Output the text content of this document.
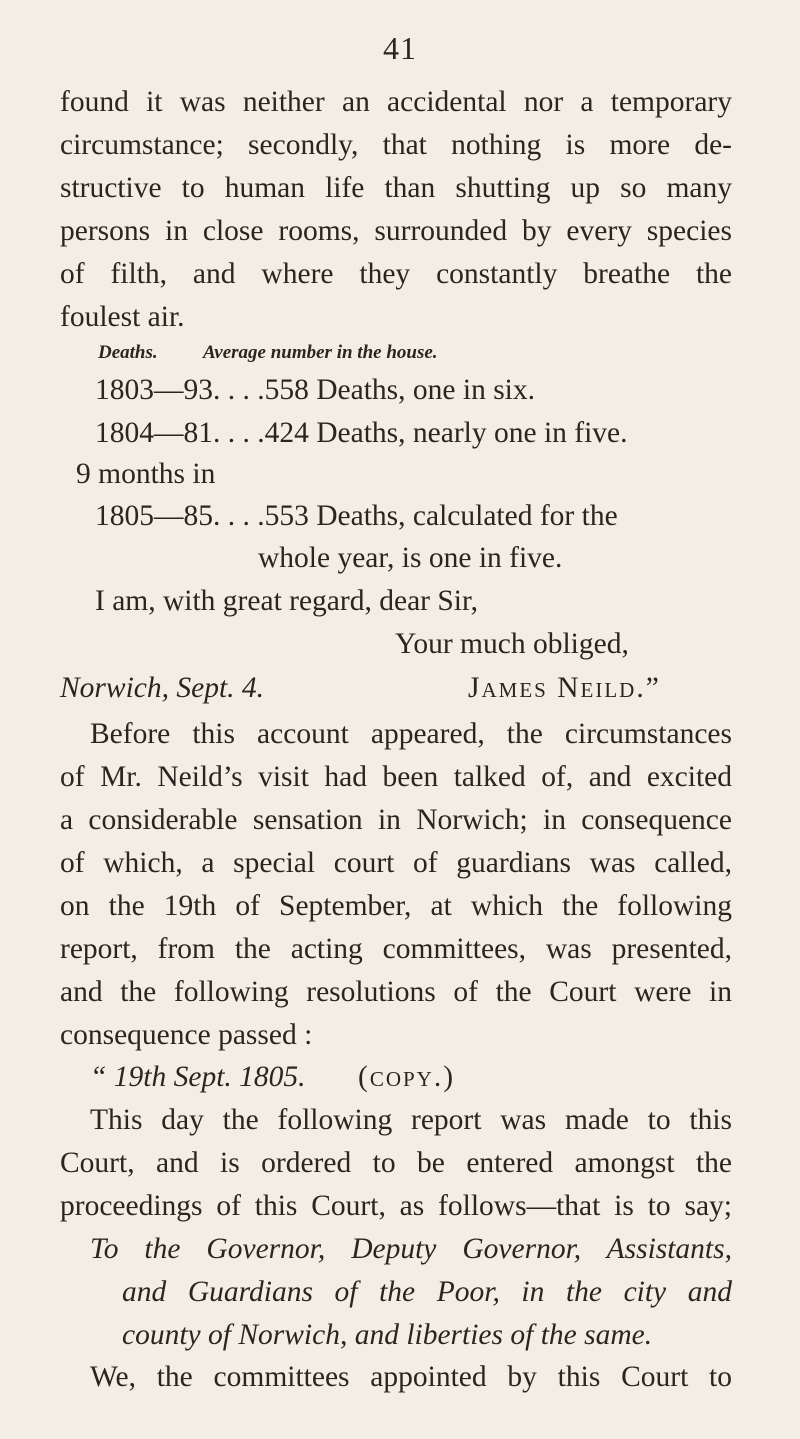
41
found it was neither an accidental nor a temporary
circumstance; secondly, that nothing is more de-
structive to human life than shutting up so many
persons in close rooms, surrounded by every species
of filth, and where they constantly breathe the
foulest air.
Deaths. Average number in the house.
1803—93. . . .558 Deaths, one in six.
1804—81. . . .424 Deaths, nearly one in five.
9 months in
1805—85. . . .553 Deaths, calculated for the
whole year, is one in five.
I am, with great regard, dear Sir,
Your much obliged,
Norwich, Sept. 4.	James Neild.”
Before this account appeared, the circumstances
of Mr. Neild’s visit had been talked of, and excited
a considerable sensation in Norwich; in consequence
of which, a special court of guardians was called,
on the 19th of September, at which the following
report, from the acting committees, was presented,
and the following resolutions of the Court were in
consequence passed :
“ 19th Sept. 1805. (copy.)
This day the following report was made to this
Court, and is ordered to be entered amongst the
proceedings of this Court, as follows—that is to say;
To the Governor, Deputy Governor, Assistants,
and Guardians of the Poor, in the city and
county of Norwich, and liberties of the same.
We, the committees appointed by this Court to
